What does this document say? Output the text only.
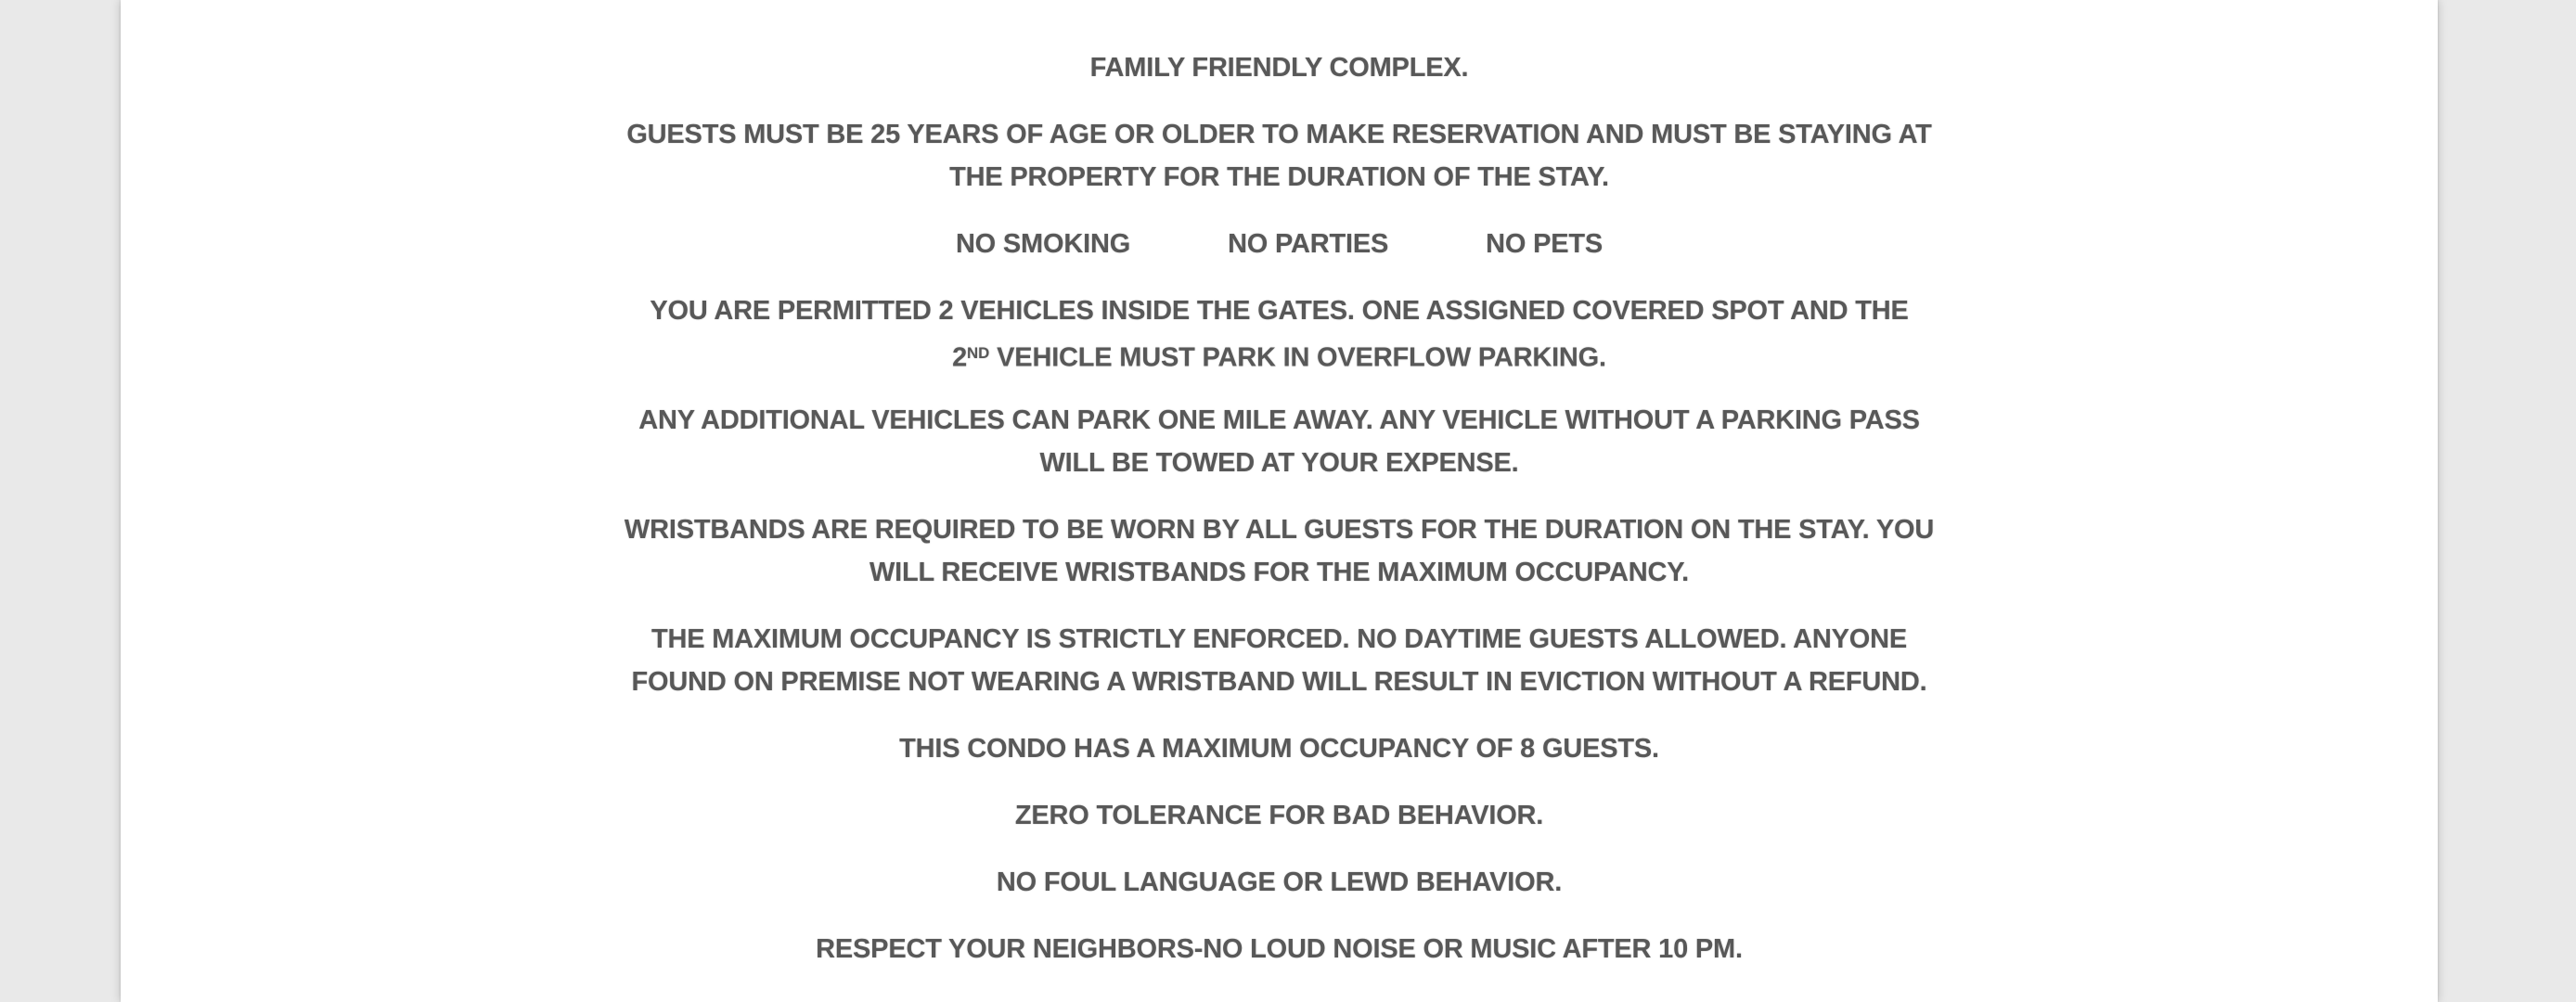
FAMILY FRIENDLY COMPLEX.
GUESTS MUST BE 25 YEARS OF AGE OR OLDER TO MAKE RESERVATION AND MUST BE STAYING AT
THE PROPERTY FOR THE DURATION OF THE STAY.
NO SMOKING	NO PARTIES	NO PETS
YOU ARE PERMITTED 2 VEHICLES INSIDE THE GATES. ONE ASSIGNED COVERED SPOT AND THE
2ND VEHICLE MUST PARK IN OVERFLOW PARKING.
ANY ADDITIONAL VEHICLES CAN PARK ONE MILE AWAY. ANY VEHICLE WITHOUT A PARKING PASS
WILL BE TOWED AT YOUR EXPENSE.
WRISTBANDS ARE REQUIRED TO BE WORN BY ALL GUESTS FOR THE DURATION ON THE STAY. YOU
WILL RECEIVE WRISTBANDS FOR THE MAXIMUM OCCUPANCY.
THE MAXIMUM OCCUPANCY IS STRICTLY ENFORCED. NO DAYTIME GUESTS ALLOWED. ANYONE
FOUND ON PREMISE NOT WEARING A WRISTBAND WILL RESULT IN EVICTION WITHOUT A REFUND.
THIS CONDO HAS A MAXIMUM OCCUPANCY OF 8 GUESTS.
ZERO TOLERANCE FOR BAD BEHAVIOR.
NO FOUL LANGUAGE OR LEWD BEHAVIOR.
RESPECT YOUR NEIGHBORS-NO LOUD NOISE OR MUSIC AFTER 10 PM.
